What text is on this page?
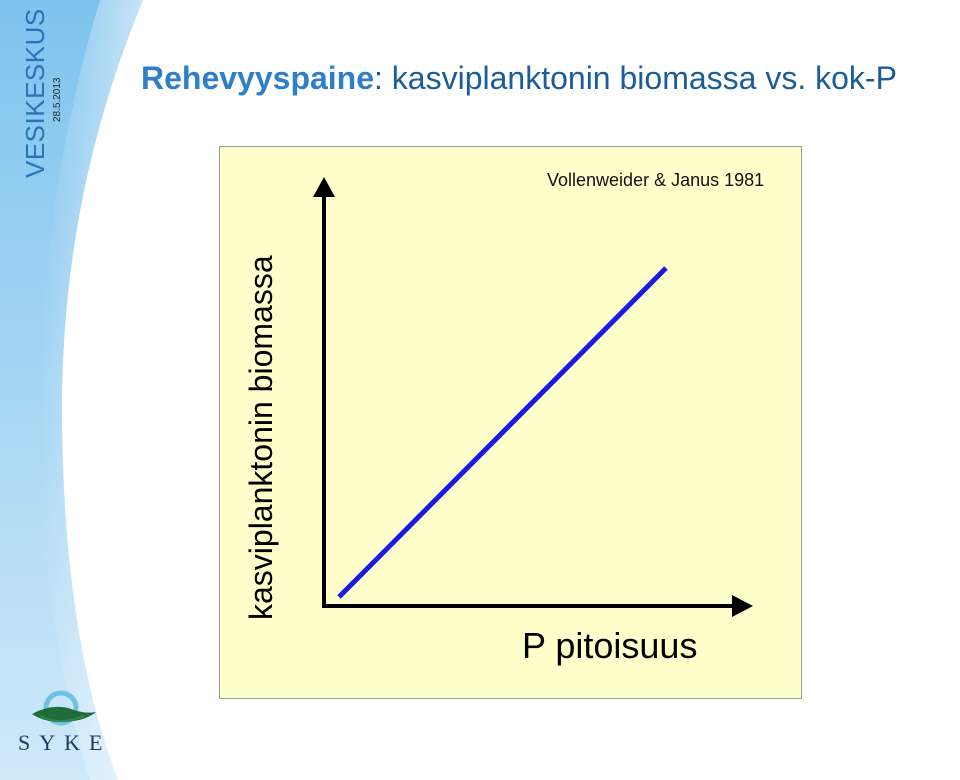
VESIKESKUS 28.5.2013
SYKE
Rehevyyspaine: kasviplanktonin biomassa vs. kok-P
Vollenweider & Janus 1981
kasviplanktonin biomassa
P pitoisuus
